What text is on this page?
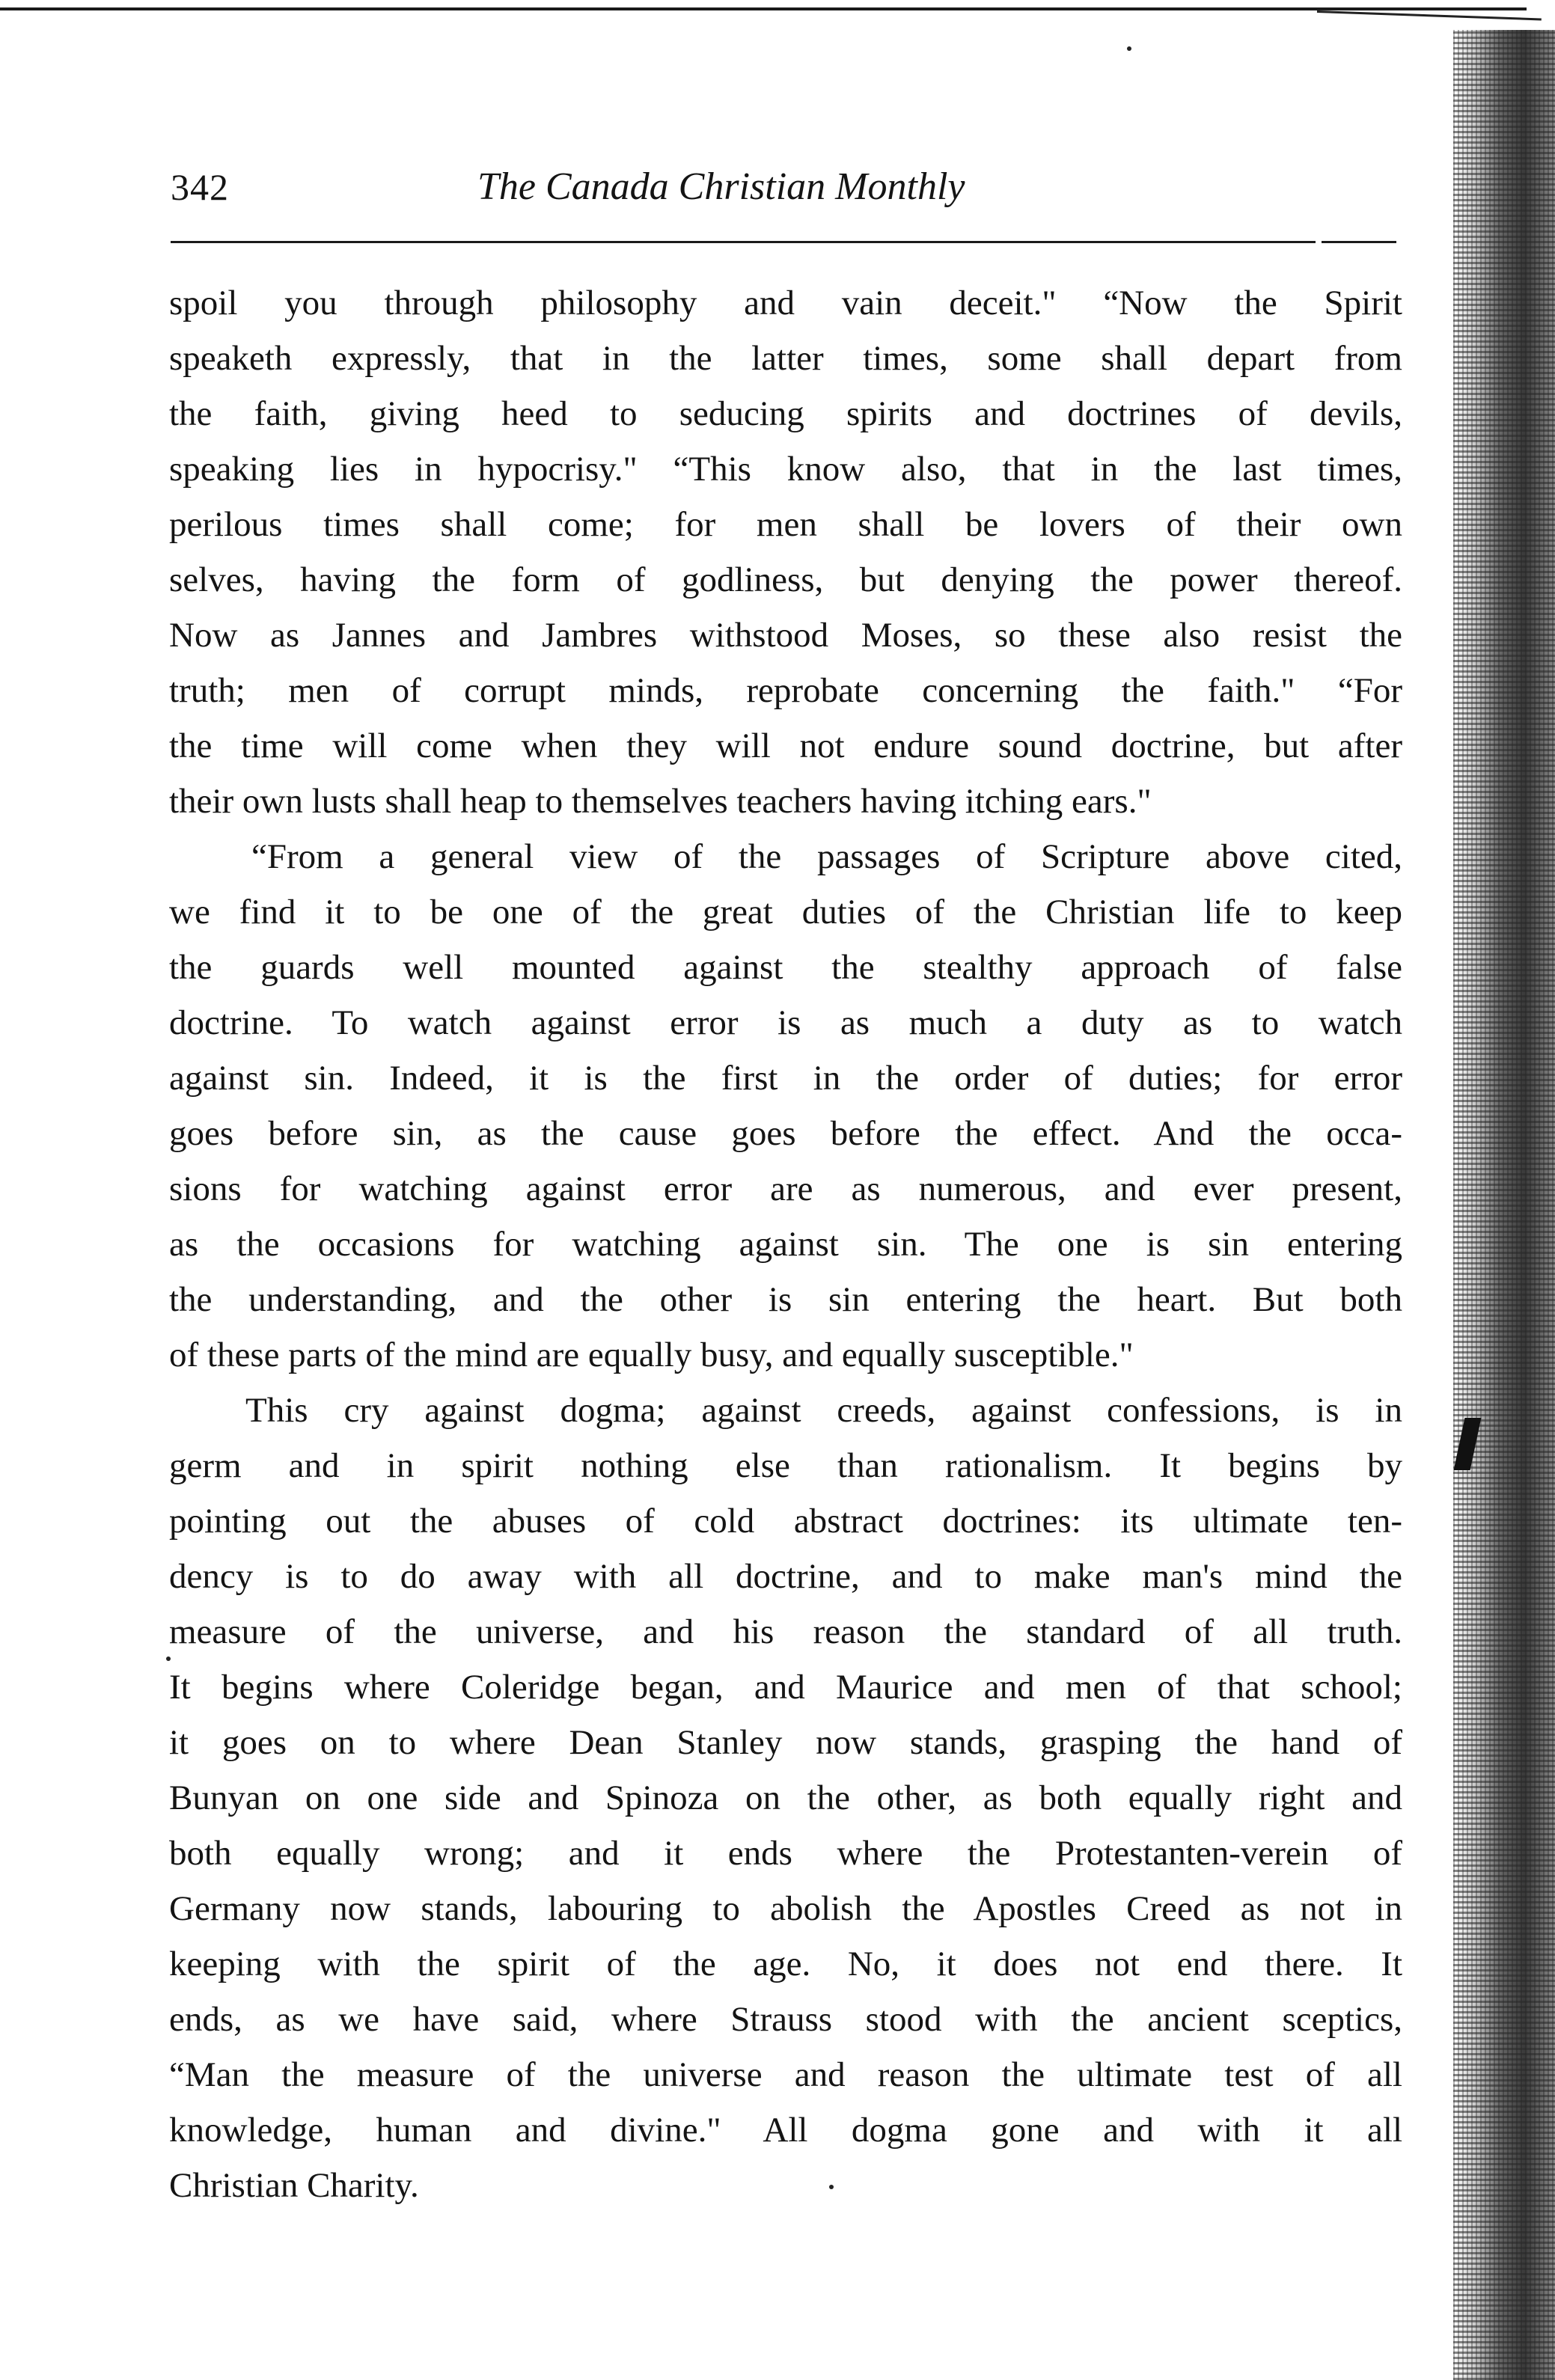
342	The Canada Christian Monthly
spoil you through philosophy and vain deceit." “Now the Spirit
speaketh expressly, that in the latter times, some shall depart from
the faith, giving heed to seducing spirits and doctrines of devils,
speaking lies in hypocrisy." “This know also, that in the last times,
perilous times shall come; for men shall be lovers of their own
selves, having the form of godliness, but denying the power thereof.
Now as Jannes and Jambres withstood Moses, so these also resist the
truth; men of corrupt minds, reprobate concerning the faith." “For
the time will come when they will not endure sound doctrine, but after
their own lusts shall heap to themselves teachers having itching ears."
“From a general view of the passages of Scripture above cited,
we find it to be one of the great duties of the Christian life to keep
the guards well mounted against the stealthy approach of false
doctrine. To watch against error is as much a duty as to watch
against sin. Indeed, it is the first in the order of duties; for error
goes before sin, as the cause goes before the effect. And the occa-
sions for watching against error are as numerous, and ever present,
as the occasions for watching against sin. The one is sin entering
the understanding, and the other is sin entering the heart. But both
of these parts of the mind are equally busy, and equally susceptible."
This cry against dogma; against creeds, against confessions, is in
germ and in spirit nothing else than rationalism. It begins by
pointing out the abuses of cold abstract doctrines: its ultimate ten-
dency is to do away with all doctrine, and to make man's mind the
measure of the universe, and his reason the standard of all truth.
It begins where Coleridge began, and Maurice and men of that school;
it goes on to where Dean Stanley now stands, grasping the hand of
Bunyan on one side and Spinoza on the other, as both equally right and
both equally wrong; and it ends where the Protestanten-verein of
Germany now stands, labouring to abolish the Apostles Creed as not in
keeping with the spirit of the age. No, it does not end there. It
ends, as we have said, where Strauss stood with the ancient sceptics,
“Man the measure of the universe and reason the ultimate test of all
knowledge, human and divine." All dogma gone and with it all
Christian Charity.
